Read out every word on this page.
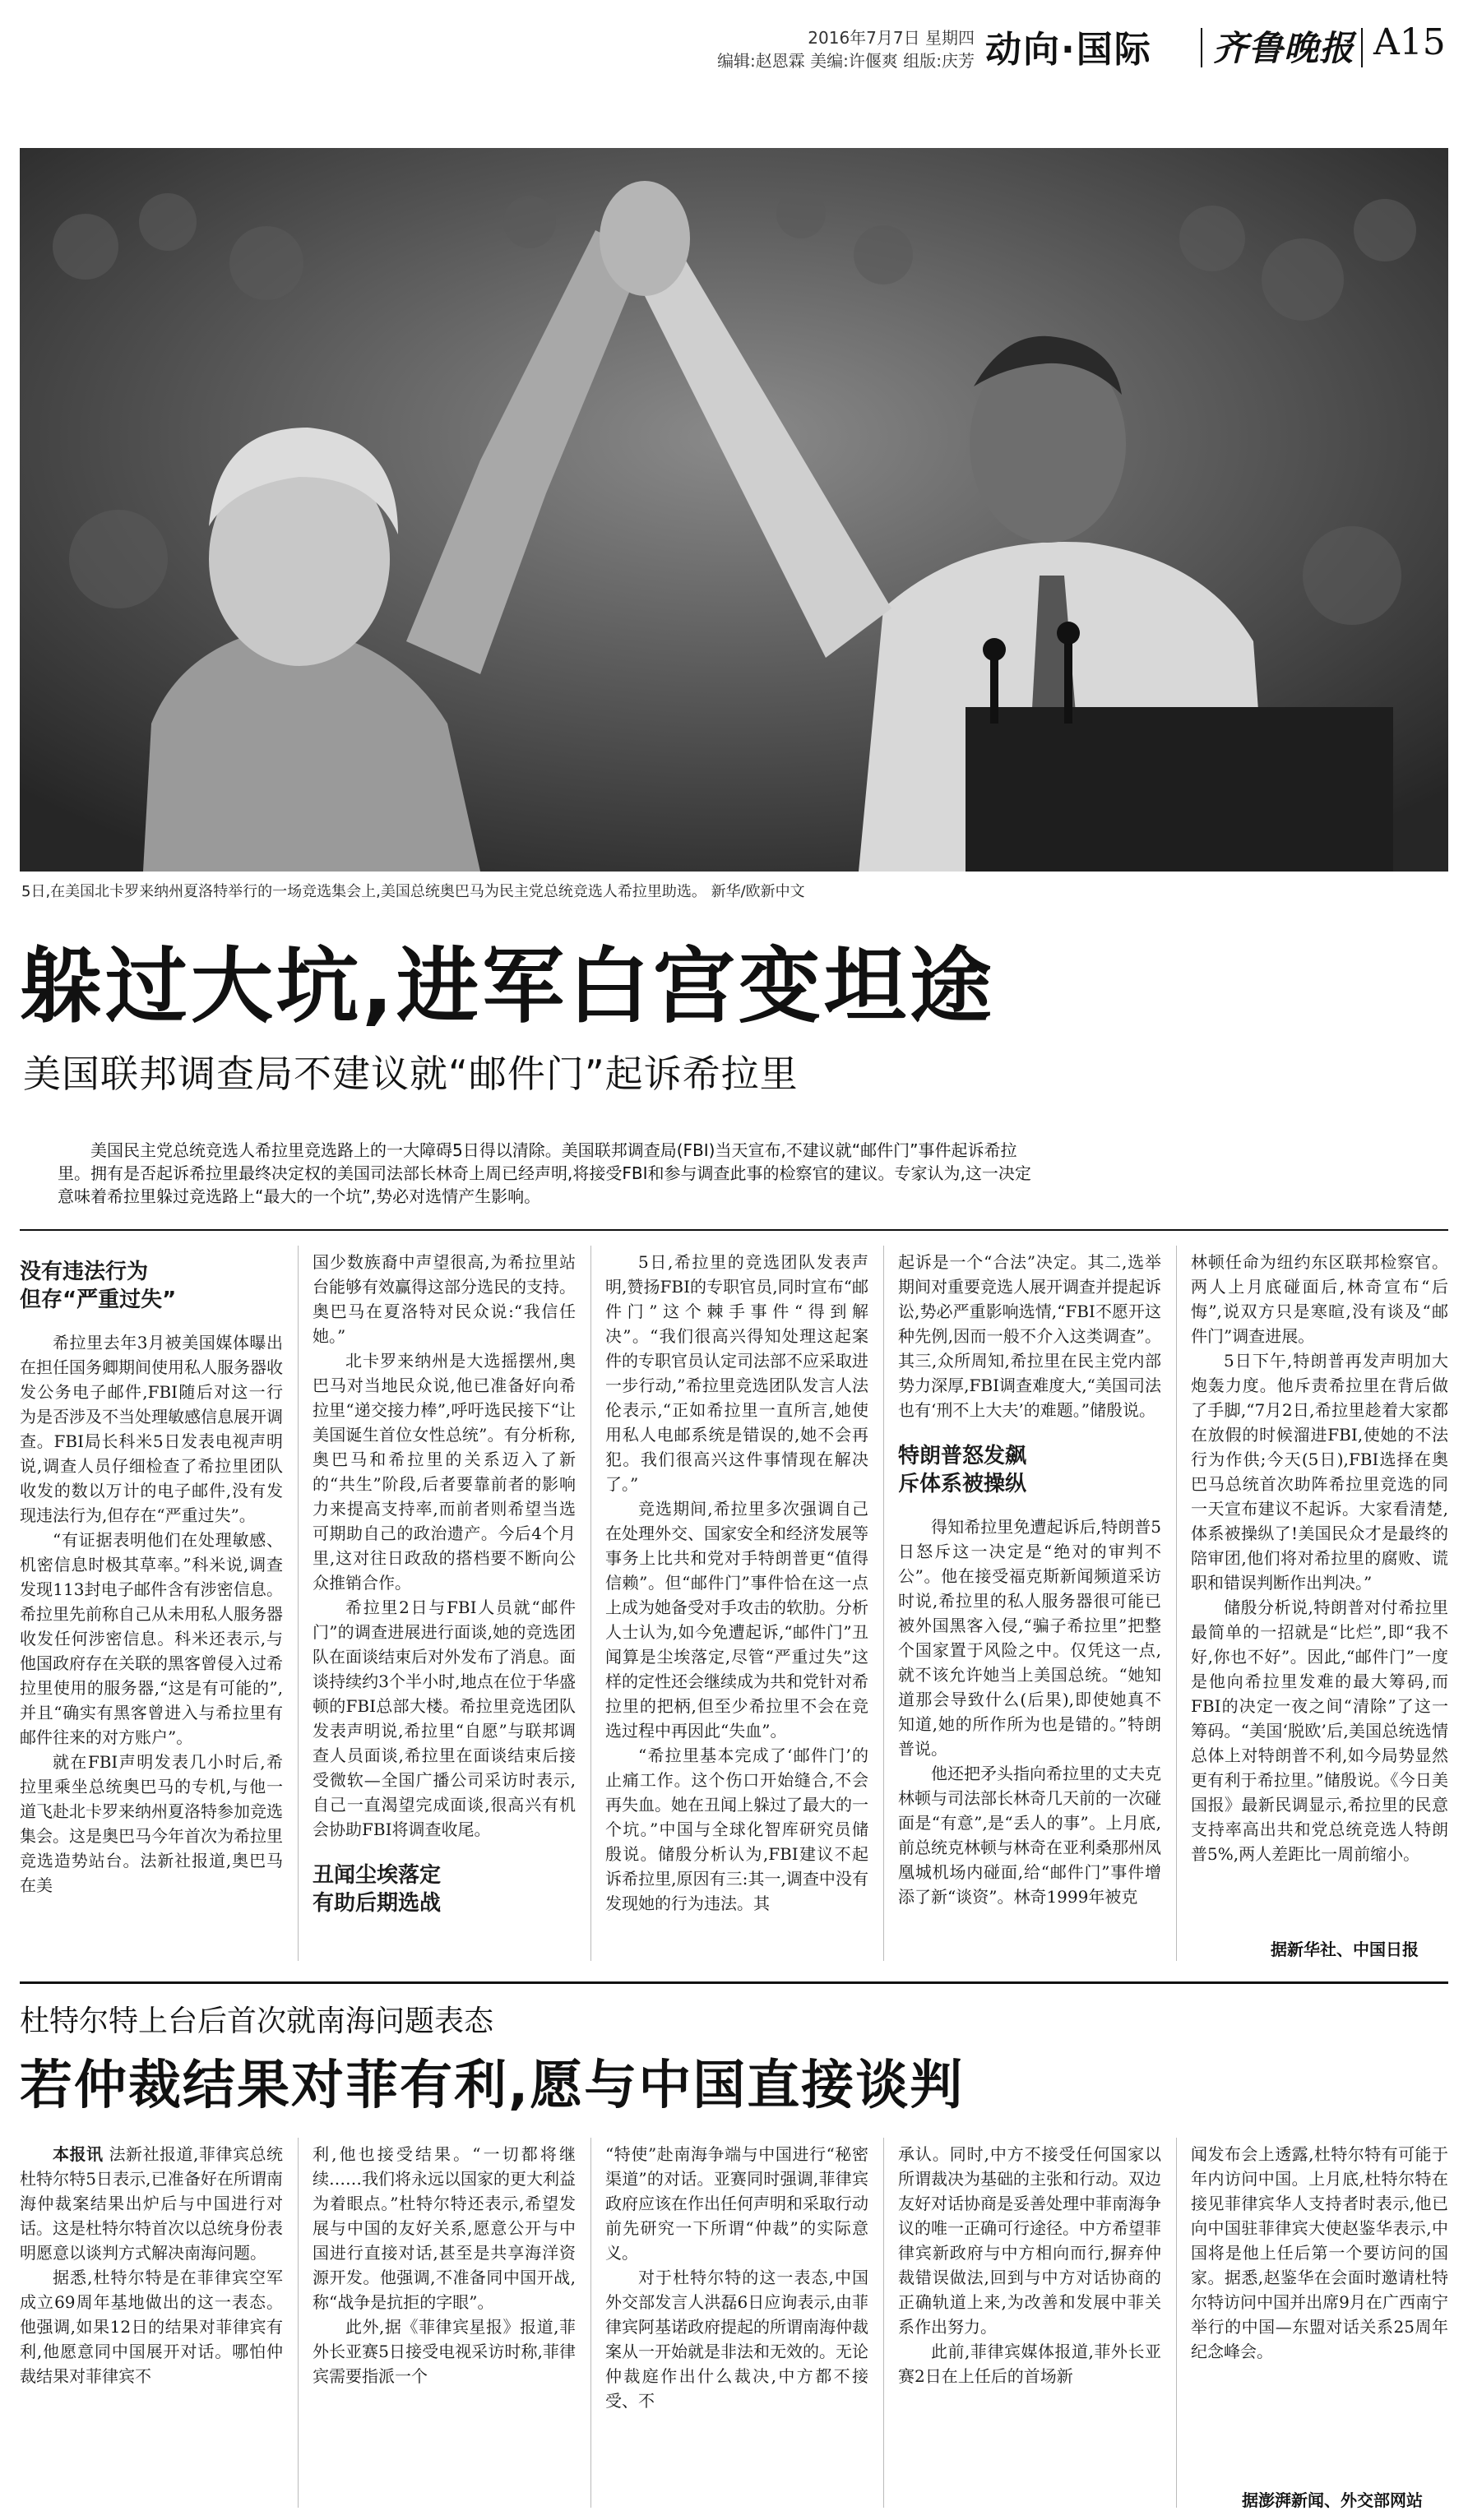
2016年7月7日 星期四
编辑:赵恩霖 美编:许偃爽 组版:庆芳 动向·国际 齐鲁晚报 A15
5日,在美国北卡罗来纳州夏洛特举行的一场竞选集会上,美国总统奥巴马为民主党总统竞选人希拉里助选。 新华/欧新中文
躲过大坑,进军白宫变坦途
美国联邦调查局不建议就“邮件门”起诉希拉里
美国民主党总统竞选人希拉里竞选路上的一大障碍5日得以清除。美国联邦调查局(FBI)当天宣布,不建议就“邮件门”事件起诉希拉里。拥有是否起诉希拉里最终决定权的美国司法部长林奇上周已经声明,将接受FBI和参与调查此事的检察官的建议。专家认为,这一决定意味着希拉里躲过竞选路上“最大的一个坑”,势必对选情产生影响。
没有违法行为
但存“严重过失”

希拉里去年3月被美国媒体曝出在担任国务卿期间使用私人服务器收发公务电子邮件,FBI随后对这一行为是否涉及不当处理敏感信息展开调查。FBI局长科米5日发表电视声明说,调查人员仔细检查了希拉里团队收发的数以万计的电子邮件,没有发现违法行为,但存在“严重过失”。

“有证据表明他们在处理敏感、机密信息时极其草率。”科米说,调查发现113封电子邮件含有涉密信息。希拉里先前称自己从未用私人服务器收发任何涉密信息。科米还表示,与他国政府存在关联的黑客曾侵入过希拉里使用的服务器,“这是有可能的”,并且“确实有黑客曾进入与希拉里有邮件往来的对方账户”。

就在FBI声明发表几小时后,希拉里乘坐总统奥巴马的专机,与他一道飞赴北卡罗来纳州夏洛特参加竞选集会。这是奥巴马今年首次为希拉里竞选造势站台。法新社报道,奥巴马在美

国少数族裔中声望很高,为希拉里站台能够有效赢得这部分选民的支持。奥巴马在夏洛特对民众说:“我信任她。”

北卡罗来纳州是大选摇摆州,奥巴马对当地民众说,他已准备好向希拉里“递交接力棒”,呼吁选民接下“让美国诞生首位女性总统”。有分析称,奥巴马和希拉里的关系迈入了新的“共生”阶段,后者要靠前者的影响力来提高支持率,而前者则希望当选可期助自己的政治遗产。今后4个月里,这对往日政敌的搭档要不断向公众推销合作。

希拉里2日与FBI人员就“邮件门”的调查进展进行面谈,她的竞选团队在面谈结束后对外发布了消息。面谈持续约3个半小时,地点在位于华盛顿的FBI总部大楼。希拉里竞选团队发表声明说,希拉里“自愿”与联邦调查人员面谈,希拉里在面谈结束后接受微软—全国广播公司采访时表示,自己一直渴望完成面谈,很高兴有机会协助FBI将调查收尾。

丑闻尘埃落定
有助后期选战

5日,希拉里的竞选团队发表声明,赞扬FBI的专职官员,同时宣布“邮件门”这个棘手事件“得到解决”。“我们很高兴得知处理这起案件的专职官员认定司法部不应采取进一步行动,”希拉里竞选团队发言人法伦表示,“正如希拉里一直所言,她使用私人电邮系统是错误的,她不会再犯。我们很高兴这件事情现在解决了。”

竞选期间,希拉里多次强调自己在处理外交、国家安全和经济发展等事务上比共和党对手特朗普更“值得信赖”。但“邮件门”事件恰在这一点上成为她备受对手攻击的软肋。分析人士认为,如今免遭起诉,“邮件门”丑闻算是尘埃落定,尽管“严重过失”这样的定性还会继续成为共和党针对希拉里的把柄,但至少希拉里不会在竞选过程中再因此“失血”。

“希拉里基本完成了‘邮件门’的止痛工作。这个伤口开始缝合,不会再失血。她在丑闻上躲过了最大的一个坑。”中国与全球化智库研究员储殷说。储殷分析认为,FBI建议不起诉希拉里,原因有三:其一,调查中没有发现她的行为违法。其

起诉是一个“合法”决定。其二,选举期间对重要竞选人展开调查并提起诉讼,势必严重影响选情,“FBI不愿开这种先例,因而一般不介入这类调查”。其三,众所周知,希拉里在民主党内部势力深厚,FBI调查难度大,“美国司法也有‘刑不上大夫’的难题。”储殷说。

特朗普怒发飙
斥体系被操纵

得知希拉里免遭起诉后,特朗普5日怒斥这一决定是“绝对的审判不公”。他在接受福克斯新闻频道采访时说,希拉里的私人服务器很可能已被外国黑客入侵,“骗子希拉里”把整个国家置于风险之中。仅凭这一点,就不该允许她当上美国总统。“她知道那会导致什么(后果),即使她真不知道,她的所作所为也是错的。”特朗普说。

他还把矛头指向希拉里的丈夫克林顿与司法部长林奇几天前的一次碰面是“有意”,是“丢人的事”。上月底,前总统克林顿与林奇在亚利桑那州凤凰城机场内碰面,给“邮件门”事件增添了新“谈资”。林奇1999年被克

林顿任命为纽约东区联邦检察官。两人上月底碰面后,林奇宣布“后悔”,说双方只是寒暄,没有谈及“邮件门”调查进展。

5日下午,特朗普再发声明加大炮轰力度。他斥责希拉里在背后做了手脚,“7月2日,希拉里趁着大家都在放假的时候溜进FBI,使她的不法行为作供;今天(5日),FBI选择在奥巴马总统首次助阵希拉里竞选的同一天宣布建议不起诉。大家看清楚,体系被操纵了!美国民众才是最终的陪审团,他们将对希拉里的腐败、谎职和错误判断作出判决。”

储殷分析说,特朗普对付希拉里最简单的一招就是“比烂”,即“我不好,你也不好”。因此,“邮件门”一度是他向希拉里发难的最大筹码,而FBI的决定一夜之间“清除”了这一筹码。“美国‘脱欧’后,美国总统选情总体上对特朗普不利,如今局势显然更有利于希拉里。”储殷说。《今日美国报》最新民调显示,希拉里的民意支持率高出共和党总统竞选人特朗普5%,两人差距比一周前缩小。

据新华社、中国日报
杜特尔特上台后首次就南海问题表态
若仲裁结果对菲有利,愿与中国直接谈判

本报讯 法新社报道,菲律宾总统杜特尔特5日表示,已准备好在所谓南海仲裁案结果出炉后与中国进行对话。这是杜特尔特首次以总统身份表明愿意以谈判方式解决南海问题。

据悉,杜特尔特是在菲律宾空军成立69周年基地做出的这一表态。他强调,如果12日的结果对菲律宾有利,他愿意同中国展开对话。哪怕仲裁结果对菲律宾不

利,他也接受结果。“一切都将继续……我们将永远以国家的更大利益为着眼点。”杜特尔特还表示,希望发展与中国的友好关系,愿意公开与中国进行直接对话,甚至是共享海洋资源开发。他强调,不准备同中国开战,称“战争是抗拒的字眼”。

此外,据《菲律宾星报》报道,菲外长亚赛5日接受电视采访时称,菲律宾需要指派一个

“特使”赴南海争端与中国进行“秘密渠道”的对话。亚赛同时强调,菲律宾政府应该在作出任何声明和采取行动前先研究一下所谓“仲裁”的实际意义。

对于杜特尔特的这一表态,中国外交部发言人洪磊6日应询表示,由菲律宾阿基诺政府提起的所谓南海仲裁案从一开始就是非法和无效的。无论仲裁庭作出什么裁决,中方都不接受、不

承认。同时,中方不接受任何国家以所谓裁决为基础的主张和行动。双边友好对话协商是妥善处理中菲南海争议的唯一正确可行途径。中方希望菲律宾新政府与中方相向而行,摒弃仲裁错误做法,回到与中方对话协商的正确轨道上来,为改善和发展中菲关系作出努力。

此前,菲律宾媒体报道,菲外长亚赛2日在上任后的首场新

闻发布会上透露,杜特尔特有可能于年内访问中国。上月底,杜特尔特在接见菲律宾华人支持者时表示,他已向中国驻菲律宾大使赵鉴华表示,中国将是他上任后第一个要访问的国家。据悉,赵鉴华在会面时邀请杜特尔特访问中国并出席9月在广西南宁举行的中国—东盟对话关系25周年纪念峰会。

据澎湃新闻、外交部网站
